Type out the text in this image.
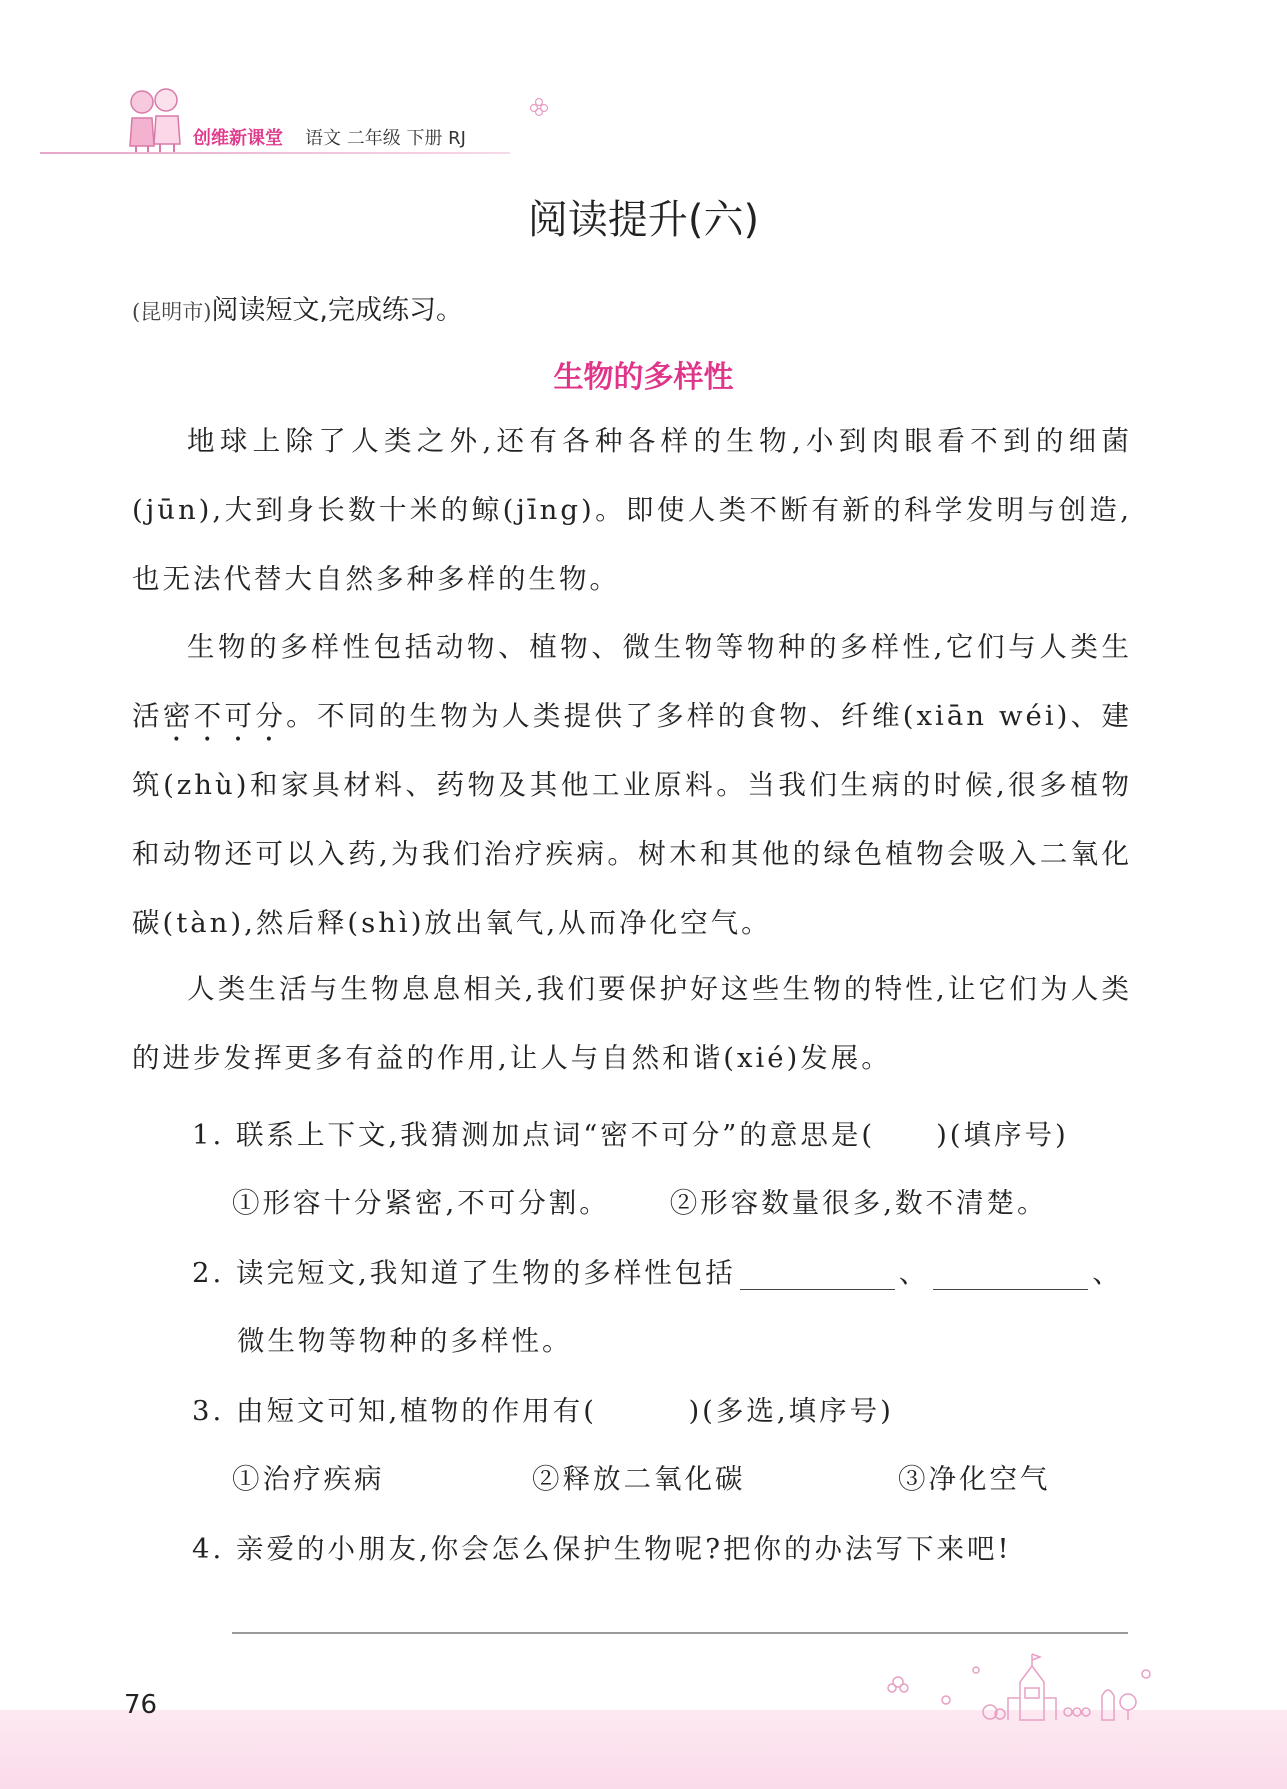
创维新课堂 语文 二年级 下册 RJ
阅读提升(六)
(昆明市)阅读短文,完成练习。
生物的多样性
地球上除了人类之外,还有各种各样的生物,小到肉眼看不到的细菌(jūn),大到身长数十米的鲸(jīng)。即使人类不断有新的科学发明与创造,也无法代替大自然多种多样的生物。
生物的多样性包括动物、植物、微生物等物种的多样性,它们与人类生活密不可分。不同的生物为人类提供了多样的食物、纤维(xiān wéi)、建筑(zhù)和家具材料、药物及其他工业原料。当我们生病的时候,很多植物和动物还可以入药,为我们治疗疾病。树木和其他的绿色植物会吸入二氧化碳(tàn),然后释(shì)放出氧气,从而净化空气。
人类生活与生物息息相关,我们要保护好这些生物的特性,让它们为人类的进步发挥更多有益的作用,让人与自然和谐(xié)发展。
1. 联系上下文,我猜测加点词“密不可分”的意思是(　　)(填序号)
①形容十分紧密,不可分割。 ②形容数量很多,数不清楚。
2. 读完短文,我知道了生物的多样性包括	、	、
微生物等物种的多样性。
3. 由短文可知,植物的作用有(　　　)(多选,填序号)
①治疗疾病	②释放二氧化碳	③净化空气
4. 亲爱的小朋友,你会怎么保护生物呢?把你的办法写下来吧!
76
